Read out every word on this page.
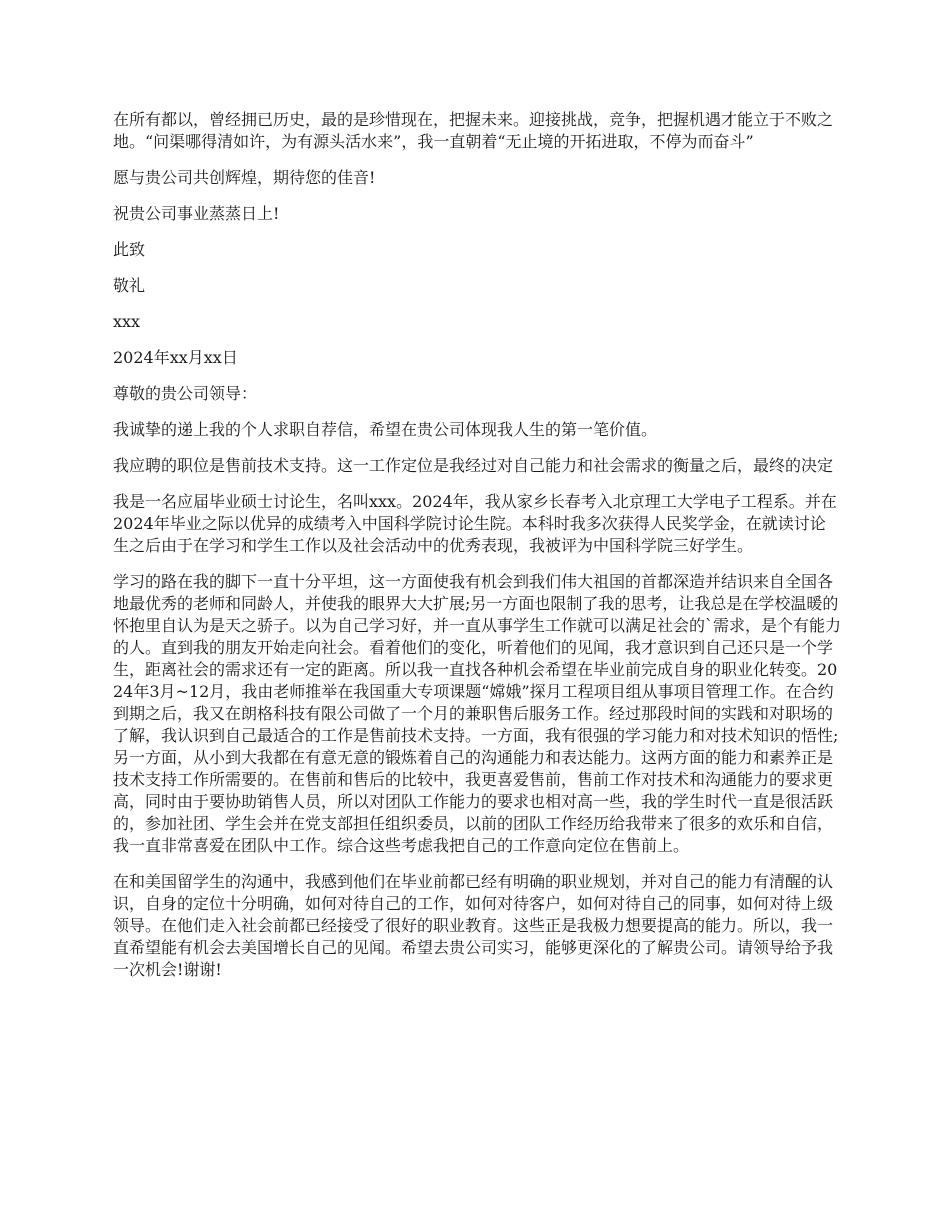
在所有都以，曾经拥已历史，最的是珍惜现在，把握未来。迎接挑战，竞争，把握机遇才能立于不败之地。“问渠哪得清如许，为有源头活水来”，我一直朝着“无止境的开拓进取，不停为而奋斗”

愿与贵公司共创辉煌，期待您的佳音!

祝贵公司事业蒸蒸日上!

此致

敬礼

xxx

2024年xx月xx日

尊敬的贵公司领导：

我诚挚的递上我的个人求职自荐信，希望在贵公司体现我人生的第一笔价值。

我应聘的职位是售前技术支持。这一工作定位是我经过对自己能力和社会需求的衡量之后，最终的决定

我是一名应届毕业硕士讨论生，名叫xxx。2024年，我从家乡长春考入北京理工大学电子工程系。并在2024年毕业之际以优异的成绩考入中国科学院讨论生院。本科时我多次获得人民奖学金，在就读讨论生之后由于在学习和学生工作以及社会活动中的优秀表现，我被评为中国科学院三好学生。

学习的路在我的脚下一直十分平坦，这一方面使我有机会到我们伟大祖国的首都深造并结识来自全国各地最优秀的老师和同龄人，并使我的眼界大大扩展;另一方面也限制了我的思考，让我总是在学校温暖的怀抱里自认为是天之骄子。以为自己学习好，并一直从事学生工作就可以满足社会的`需求，是个有能力的人。直到我的朋友开始走向社会。看着他们的变化，听着他们的见闻，我才意识到自己还只是一个学生，距离社会的需求还有一定的距离。所以我一直找各种机会希望在毕业前完成自身的职业化转变。2024年3月~12月，我由老师推举在我国重大专项课题“嫦娥”探月工程项目组从事项目管理工作。在合约到期之后，我又在朗格科技有限公司做了一个月的兼职售后服务工作。经过那段时间的实践和对职场的了解，我认识到自己最适合的工作是售前技术支持。一方面，我有很强的学习能力和对技术知识的悟性;另一方面，从小到大我都在有意无意的锻炼着自己的沟通能力和表达能力。这两方面的能力和素养正是技术支持工作所需要的。在售前和售后的比较中，我更喜爱售前，售前工作对技术和沟通能力的要求更高，同时由于要协助销售人员，所以对团队工作能力的要求也相对高一些，我的学生时代一直是很活跃的，参加社团、学生会并在党支部担任组织委员，以前的团队工作经历给我带来了很多的欢乐和自信，我一直非常喜爱在团队中工作。综合这些考虑我把自己的工作意向定位在售前上。

在和美国留学生的沟通中，我感到他们在毕业前都已经有明确的职业规划，并对自己的能力有清醒的认识，自身的定位十分明确，如何对待自己的工作，如何对待客户，如何对待自己的同事，如何对待上级领导。在他们走入社会前都已经接受了很好的职业教育。这些正是我极力想要提高的能力。所以，我一直希望能有机会去美国增长自己的见闻。希望去贵公司实习，能够更深化的了解贵公司。请领导给予我一次机会!谢谢!
